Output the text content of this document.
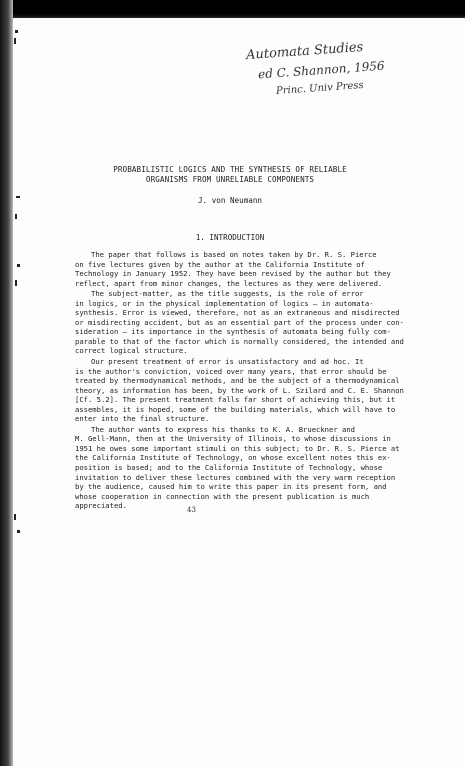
Automata Studies
ed C. Shannon, 1956
Princ. Univ Press
PROBABILISTIC LOGICS AND THE SYNTHESIS OF RELIABLE
ORGANISMS FROM UNRELIABLE COMPONENTS
J. von Neumann
1. INTRODUCTION

The paper that follows is based on notes taken by Dr. R. S. Pierce
on five lectures given by the author at the California Institute of
Technology in January 1952. They have been revised by the author but they
reflect, apart from minor changes, the lectures as they were delivered.

The subject-matter, as the title suggests, is the role of error
in logics, or in the physical implementation of logics — in automata-
synthesis. Error is viewed, therefore, not as an extraneous and misdirected
or misdirecting accident, but as an essential part of the process under con-
sideration — its importance in the synthesis of automata being fully com-
parable to that of the factor which is normally considered, the intended and
correct logical structure.

Our present treatment of error is unsatisfactory and ad hoc. It
is the author's conviction, voiced over many years, that error should be
treated by thermodynamical methods, and be the subject of a thermodynamical
theory, as information has been, by the work of L. Szilard and C. E. Shannon
[Cf. 5.2]. The present treatment falls far short of achieving this, but it
assembles, it is hoped, some of the building materials, which will have to
enter into the final structure.

The author wants to express his thanks to K. A. Brueckner and
M. Gell-Mann, then at the University of Illinois, to whose discussions in
1951 he owes some important stimuli on this subject; to Dr. R. S. Pierce at
the California Institute of Technology, on whose excellent notes this ex-
position is based; and to the California Institute of Technology, whose
invitation to deliver these lectures combined with the very warm reception
by the audience, caused him to write this paper in its present form, and
whose cooperation in connection with the present publication is much
appreciated.	43
